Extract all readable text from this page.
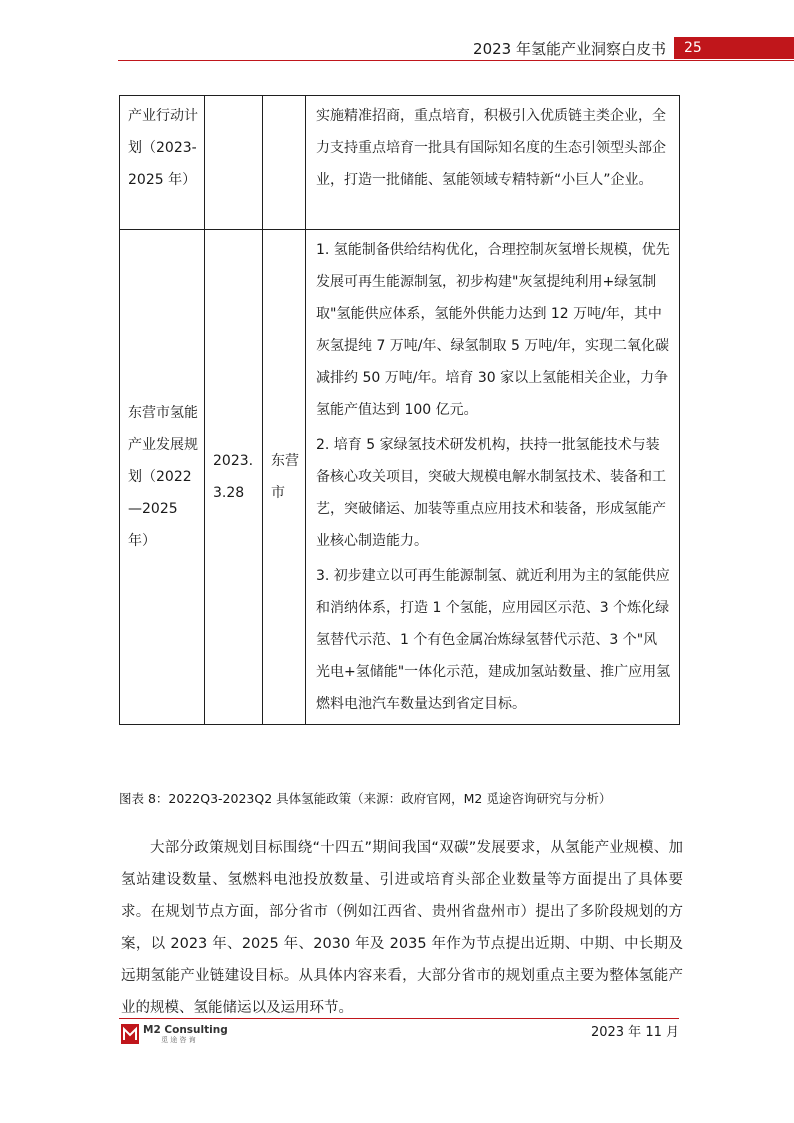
2023 年氢能产业洞察白皮书	25
产业行动计划（2023-2025 年）			实施精准招商，重点培育，积极引入优质链主类企业，全力支持重点培育一批具有国际知名度的生态引领型头部企业，打造一批储能、氢能领域专精特新“小巨人”企业。

东营市氢能产业发展规划（2022—2025 年）	2023.3.28	东营市	1. 氢能制备供给结构优化，合理控制灰氢增长规模，优先发展可再生能源制氢，初步构建"灰氢提纯利用+绿氢制取"氢能供应体系，氢能外供能力达到 12 万吨/年，其中灰氢提纯 7 万吨/年、绿氢制取 5 万吨/年，实现二氧化碳减排约 50 万吨/年。培育 30 家以上氢能相关企业，力争氢能产值达到 100 亿元。
2. 培育 5 家绿氢技术研发机构，扶持一批氢能技术与装备核心攻关项目，突破大规模电解水制氢技术、装备和工艺，突破储运、加装等重点应用技术和装备，形成氢能产业核心制造能力。
3. 初步建立以可再生能源制氢、就近利用为主的氢能供应和消纳体系，打造 1 个氢能，应用园区示范、3 个炼化绿氢替代示范、1 个有色金属冶炼绿氢替代示范、3 个"风光电+氢储能"一体化示范，建成加氢站数量、推广应用氢燃料电池汽车数量达到省定目标。
图表 8：2022Q3-2023Q2 具体氢能政策（来源：政府官网，M2 觅途咨询研究与分析）
大部分政策规划目标围绕“十四五”期间我国“双碳”发展要求，从氢能产业规模、加氢站建设数量、氢燃料电池投放数量、引进或培育头部企业数量等方面提出了具体要求。在规划节点方面，部分省市（例如江西省、贵州省盘州市）提出了多阶段规划的方案，以 2023 年、2025 年、2030 年及 2035 年作为节点提出近期、中期、中长期及远期氢能产业链建设目标。从具体内容来看，大部分省市的规划重点主要为整体氢能产业的规模、氢能储运以及运用环节。
M2 Consulting
觅 途 咨 询	2023 年 11 月
